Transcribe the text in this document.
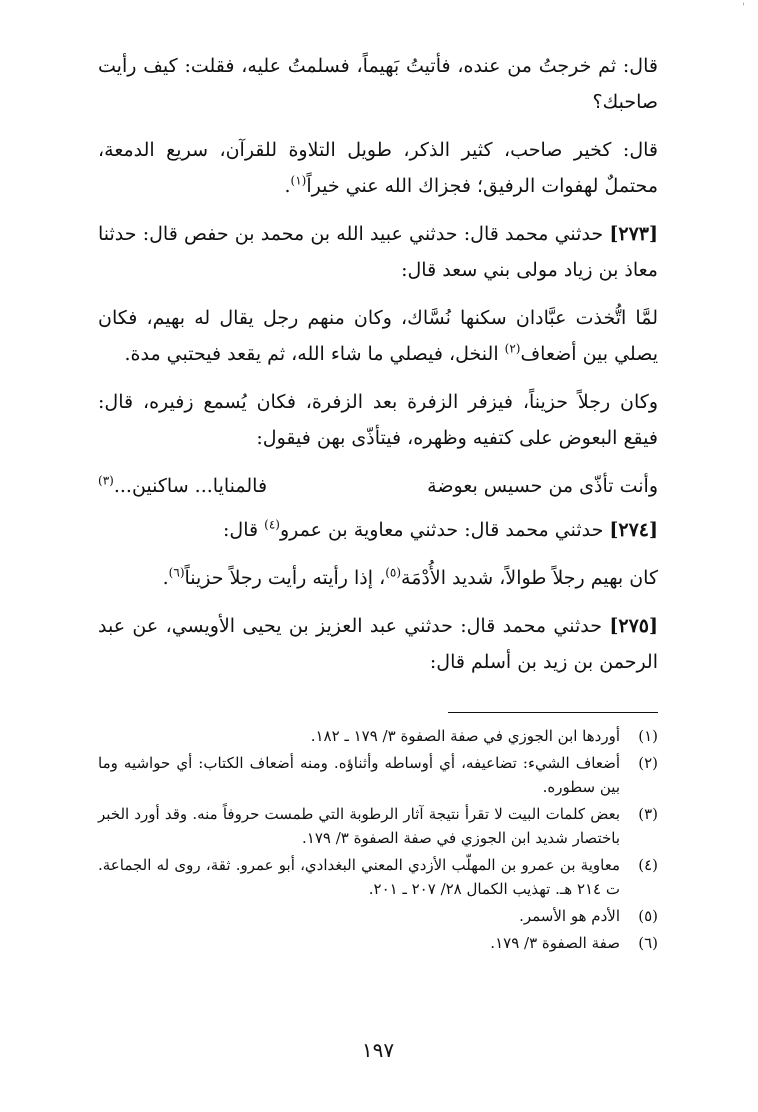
قال: ثم خرجتُ من عنده، فأتيتُ بَهيماً، فسلمتُ عليه، فقلت: كيف رأيت صاحبك؟

قال: كخير صاحب، كثير الذكر، طويل التلاوة للقرآن، سريع الدمعة، محتملٌ لهفوات الرفيق؛ فجزاك الله عني خيراً$^{(١)}$.

[٢٧٣] حدثني محمد قال: حدثني عبيد الله بن محمد بن حفص قال: حدثنا معاذ بن زياد مولى بني سعد قال:

لمَّا اتُّخذت عبَّادان سكنها نُسَّاك، وكان منهم رجل يقال له بهيم، فكان يصلي بين أضعاف$^{(٢)}$ النخل، فيصلي ما شاء الله، ثم يقعد فيحتبي مدة.

وكان رجلاً حزيناً، فيزفر الزفرة بعد الزفرة، فكان يُسمع زفيره، قال: فيقع البعوض على كتفيه وظهره، فيتأذّى بهن فيقول:

وأنت تأذّى من حسيس بعوضة
فالمنايا... ساكنين...$^{(٣)}$

[٢٧٤] حدثني محمد قال: حدثني معاوية بن عمرو$^{(٤)}$ قال:

كان بهيم رجلاً طوالاً، شديد الأُدْمَة$^{(٥)}$، إذا رأيته رأيت رجلاً حزيناً$^{(٦)}$.

[٢٧٥] حدثني محمد قال: حدثني عبد العزيز بن يحيى الأويسي، عن عبد الرحمن بن زيد بن أسلم قال:

(١)
أوردها ابن الجوزي في صفة الصفوة ٣/ ١٧٩ ـ ١٨٢.
(٢)
أضعاف الشيء: تضاعيفه، أي أوساطه وأثناؤه. ومنه أضعاف الكتاب: أي حواشيه وما بين سطوره.
(٣)
بعض كلمات البيت لا تقرأ نتيجة آثار الرطوبة التي طمست حروفاً منه. وقد أورد الخبر باختصار شديد ابن الجوزي في صفة الصفوة ٣/ ١٧٩.
(٤)
معاوية بن عمرو بن المهلّب الأزدي المعني البغدادي، أبو عمرو. ثقة، روى له الجماعة. ت ٢١٤ هـ. تهذيب الكمال ٢٨/ ٢٠٧ ـ ٢٠١.
(٥)
الأدم هو الأسمر.
(٦)
صفة الصفوة ٣/ ١٧٩.
١٩٧
'
